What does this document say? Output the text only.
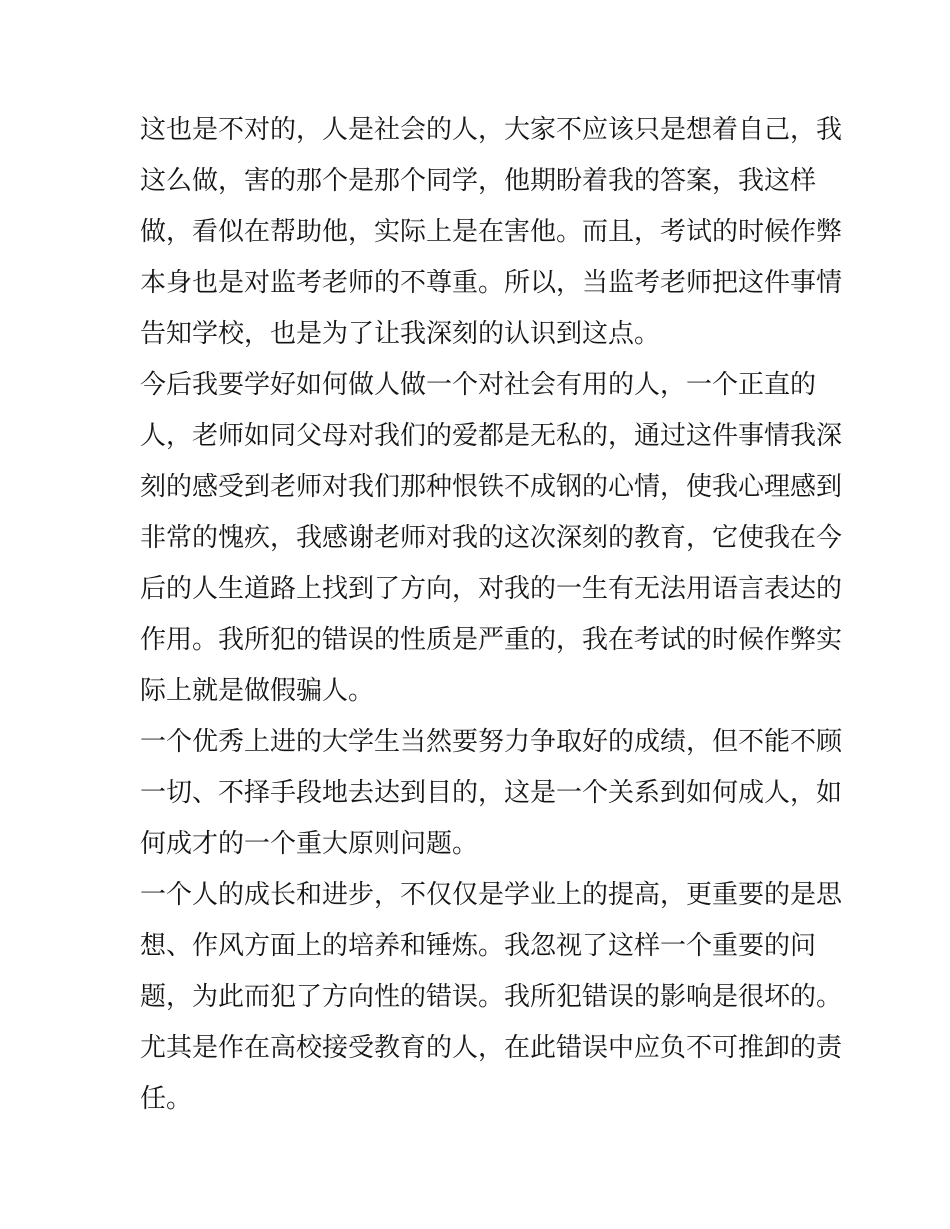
这也是不对的，人是社会的人，大家不应该只是想着自己，我
这么做，害的那个是那个同学，他期盼着我的答案，我这样
做，看似在帮助他，实际上是在害他。而且，考试的时候作弊
本身也是对监考老师的不尊重。所以，当监考老师把这件事情
告知学校，也是为了让我深刻的认识到这点。
今后我要学好如何做人做一个对社会有用的人，一个正直的
人，老师如同父母对我们的爱都是无私的，通过这件事情我深
刻的感受到老师对我们那种恨铁不成钢的心情，使我心理感到
非常的愧疚，我感谢老师对我的这次深刻的教育，它使我在今
后的人生道路上找到了方向，对我的一生有无法用语言表达的
作用。我所犯的错误的性质是严重的，我在考试的时候作弊实
际上就是做假骗人。
一个优秀上进的大学生当然要努力争取好的成绩，但不能不顾
一切、不择手段地去达到目的，这是一个关系到如何成人，如
何成才的一个重大原则问题。
一个人的成长和进步，不仅仅是学业上的提高，更重要的是思
想、作风方面上的培养和锤炼。我忽视了这样一个重要的问
题，为此而犯了方向性的错误。我所犯错误的影响是很坏的。
尤其是作在高校接受教育的人，在此错误中应负不可推卸的责
任。
